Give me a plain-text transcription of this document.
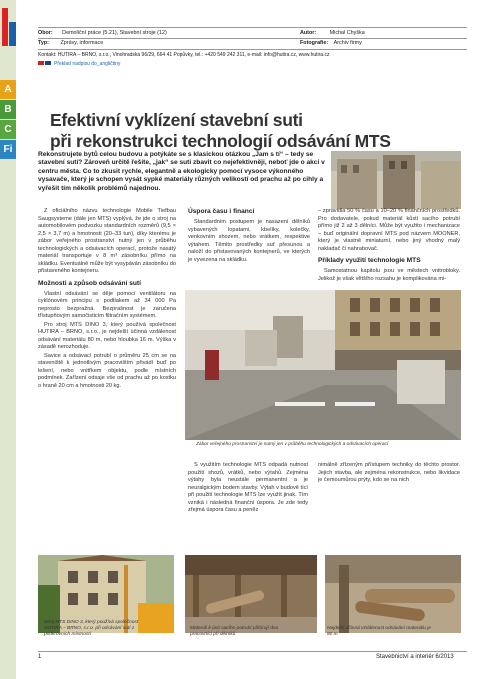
A
B
C
Fi
Obor: Demoliční práce (5.21), Stavební stroje (12)	Autor:	Michal Chyška
Typ: Zprávy, informace	Fotografie: Archiv firmy
Kontakt: HUTIRA – BRNO, s.r.o., Vinohradská 96/29, 664 41 Popůvky, tel.: +420 549 242 311, e-mail: info@hutira.cz, www.hutira.cz
Překlad nadpisu do_angličtiny
Efektivní vyklízení stavební suti
při rekonstrukci technologií odsávání MTS
Rekonstrujete bytů celou budovu a potýkáte se s klasickou otázkou „Jam s tí“ – tedy se stavební sutí? Zároveň určitě řešíte, „jak“ se suti zbavit co nejefektivněji, neboť jde o akci v centru města. Co to zkusit rychle, elegantně a ekologicky pomocí vysoce výkonného vysavače, který je schopen vysát sypké materiály různých velikostí od prachu až po cihly a vyřešit tím několik problémů najednou.

Z oficiálního názvu technologie Mobile Tiefbau Saugsysteme (dále jen MTS) vyplývá, že jde o stroj na automobilovém podvozku standardních rozměrů (9,5 × 2,5 × 3,7 m) a hmotnosti (20–33 tun), díky kterému je zábor veřejného prostranství nutný jen v průběhu technologických a odsávacích operací, protože nasátý materiál transportuje v 8 m³ zásobníku přímo na skládku. Eventuálně může být vysypáván zásobníku do přistaveného kontejneru.

Možnosti a způsob odsávání sutí

Vlastní odsávání se děje pomocí ventilátoru na cyklónovém principu s podtlakem až 34 000 Pa neprosto bezpražná. Bezprašnost je zaručena třístupňovým samočisticím filtračním systémem.

Pro stroj MTS DINO 3, který používá společnost HUTIRA – BRNO, s.r.o., je nejdelší účinná vzdálenost odsávání materiálu 80 m, nebo hloubka 16 m. Výška v zásadě nerozhoduje.

Savice a odsávací potrubí o průměru 25 cm se na staveniště k jednotlivým pracovištím přivádí buď po lešení, nebo vnitřkem objektu, podle místních podmínek. Zařízení odsaje vše od prachu až po kostku o hraně 20 cm a hmotnosti 20 kg.

Úspora času i financí

Standardním postupem je nasazení dělníků vybavených lopatami, kbelíky, kolečky, venkovním shozem, nebo vrátkem, respektive výtahem. Těmito prostředky suť přesunou a naloží do přistavovaných kontejnerů, ve kterých je vyvezena na skládku.

– zpravidla 50 % času a 10–20 % finančních prostředků. Pro dodavatele, pokud materiál kůstí sacího potrubí přímo již 2 až 3 dělníci. Může být využito i mechanizace – buď originální dopravní MTS pod názvem MOONER, který je vlastně miniaturní, nebo jiný vhodný malý nakladač či nahrabovač.

Příklady využití technologie MTS

Samostatnou kapitolu jsou ve městech vnitrobloky. Jelikož je však většího rozsahu je komplikována mi-

Zábor veřejného prostranství je nutný jen v průběhu technologických a odsávacích operací

S využitím technologie MTS odpadá nutnost použití shozů, vrátků, nebo výtahů. Zejména výtahy byla neustále permanentní a je neuralgickým bodem stavby. Výtah v budově tící při použití technologie MTS lze využít jinak. Tím vzniká i následná finanční úspora. Je zde tedy zřejmá úspora času a peněz

nimálně zřízeným přístupem techniky do těchto prostor. Jejich stavba, ale zejména rekonstrukce, nebo likvidace je čemoumůrou prýty, kdo se na nich

Stroj MTS DINO 3, který používá společnost HUTIRA – BRNO, s.r.o. při odsávání sutí z podkrovních místností
Materiál k ústí sacího potrubí přibírají dva pracovníci při dělníků
Nejdelší účinná vzdálenost odsávání materiálu je 80 m
1	Stavebnictví a interiér 6/2013
